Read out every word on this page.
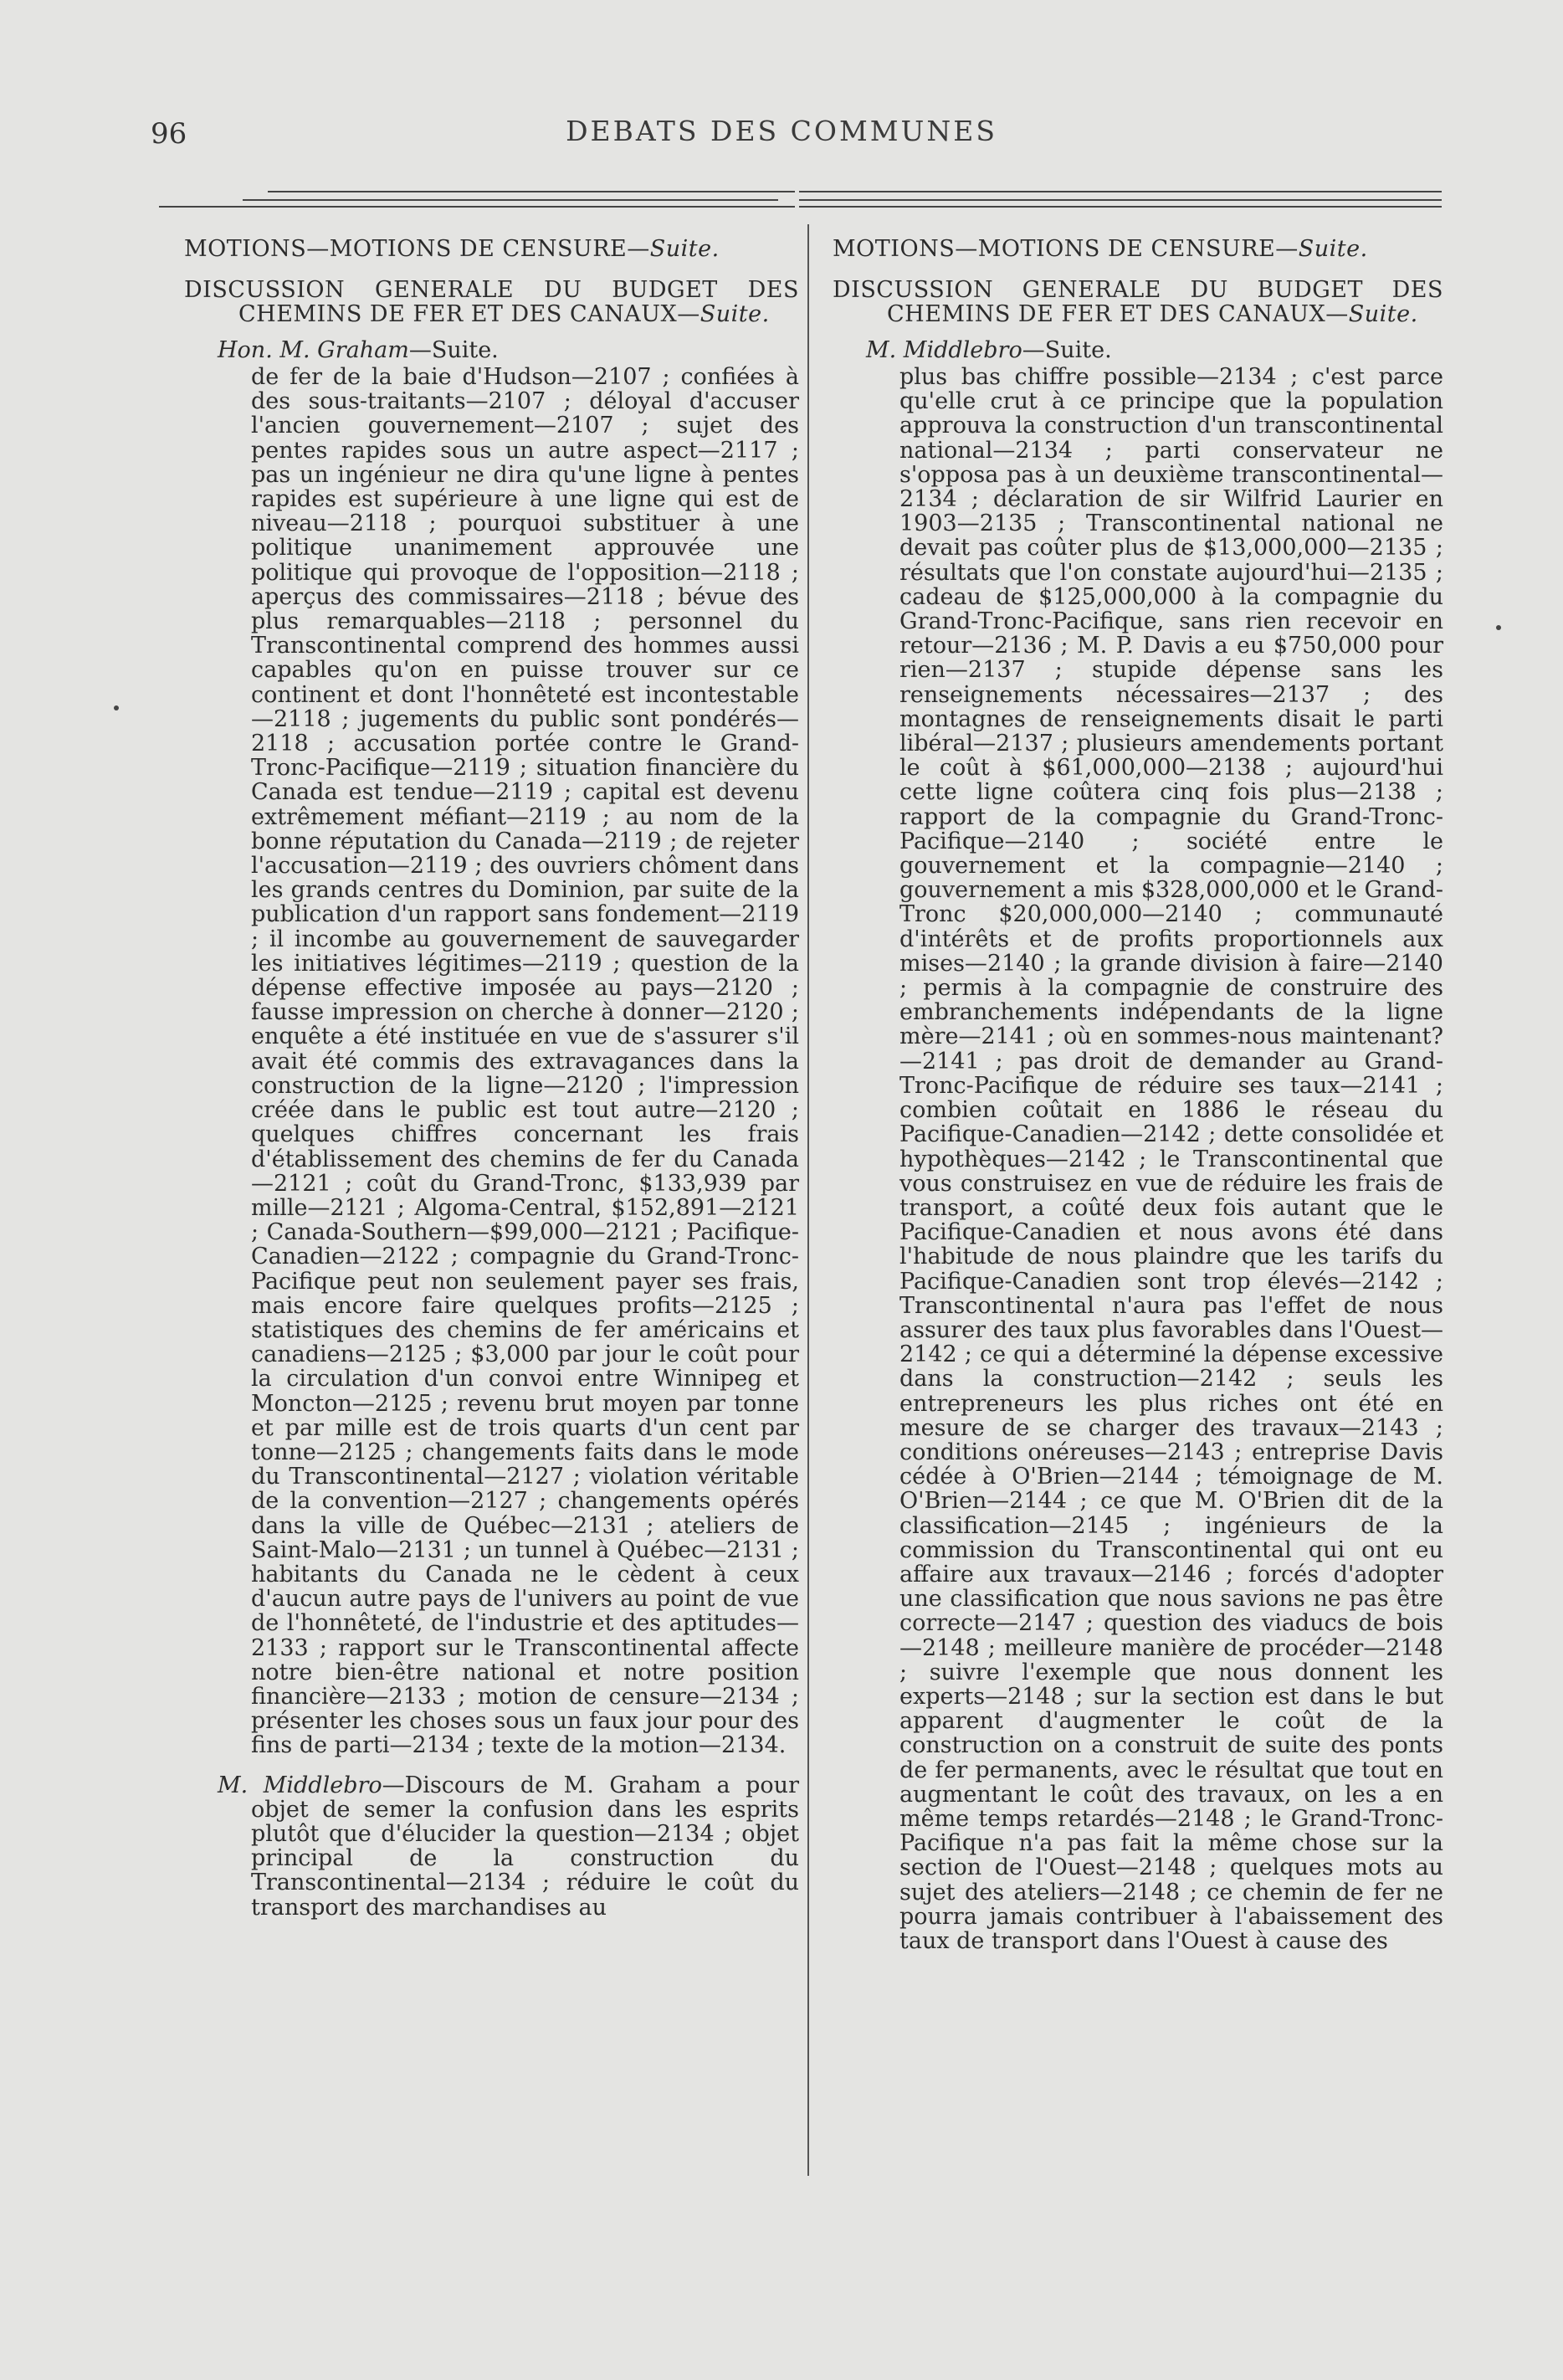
96	DEBATS DES COMMUNES
MOTIONS—MOTIONS DE CENSURE—Suite.
DISCUSSION GENERALE DU BUDGET DES CHEMINS DE FER ET DES CANAUX—Suite.
Hon. M. Graham—Suite.
de fer de la baie d'Hudson—2107 ; confiées à des sous-traitants—2107 ; déloyal d'accuser l'ancien gouvernement—2107 ; sujet des pentes rapides sous un autre aspect—2117 ; pas un ingénieur ne dira qu'une ligne à pentes rapides est supérieure à une ligne qui est de niveau—2118 ; pourquoi substituer à une politique unanimement approuvée une politique qui provoque de l'opposition—2118 ; aperçus des commissaires—2118 ; bévue des plus remarquables—2118 ; personnel du Transcontinental comprend des hommes aussi capables qu'on en puisse trouver sur ce continent et dont l'honnêteté est incontestable —2118 ; jugements du public sont pondérés—2118 ; accusation portée contre le Grand-Tronc-Pacifique—2119 ; situation financière du Canada est tendue—2119 ; capital est devenu extrêmement méfiant—2119 ; au nom de la bonne réputation du Canada—2119 ; de rejeter l'accusation—2119 ; des ouvriers chôment dans les grands centres du Dominion, par suite de la publication d'un rapport sans fondement—2119 ; il incombe au gouvernement de sauvegarder les initiatives légitimes—2119 ; question de la dépense effective imposée au pays—2120 ; fausse impression on cherche à donner—2120 ; enquête a été instituée en vue de s'assurer s'il avait été commis des extravagances dans la construction de la ligne—2120 ; l'impression créée dans le public est tout autre—2120 ; quelques chiffres concernant les frais d'établissement des chemins de fer du Canada—2121 ; coût du Grand-Tronc, $133,939 par mille—2121 ; Algoma-Central, $152,891—2121 ; Canada-Southern—$99,000—2121 ; Pacifique-Canadien—2122 ; compagnie du Grand-Tronc-Pacifique peut non seulement payer ses frais, mais encore faire quelques profits—2125 ; statistiques des chemins de fer américains et canadiens—2125 ; $3,000 par jour le coût pour la circulation d'un convoi entre Winnipeg et Moncton—2125 ; revenu brut moyen par tonne et par mille est de trois quarts d'un cent par tonne—2125 ; changements faits dans le mode du Transcontinental—2127 ; violation véritable de la convention—2127 ; changements opérés dans la ville de Québec—2131 ; ateliers de Saint-Malo—2131 ; un tunnel à Québec—2131 ; habitants du Canada ne le cèdent à ceux d'aucun autre pays de l'univers au point de vue de l'honnêteté, de l'industrie et des aptitudes—2133 ; rapport sur le Transcontinental affecte notre bien-être national et notre position financière—2133 ; motion de censure—2134 ; présenter les choses sous un faux jour pour des fins de parti—2134 ; texte de la motion—2134.
M. Middlebro—Discours de M. Graham a pour objet de semer la confusion dans les esprits plutôt que d'élucider la question—2134 ; objet principal de la construction du Transcontinental—2134 ; réduire le coût du transport des marchandises au
MOTIONS—MOTIONS DE CENSURE—Suite.
DISCUSSION GENERALE DU BUDGET DES CHEMINS DE FER ET DES CANAUX—Suite.
M. Middlebro—Suite.
plus bas chiffre possible—2134 ; c'est parce qu'elle crut à ce principe que la population approuva la construction d'un transcontinental national—2134 ; parti conservateur ne s'opposa pas à un deuxième transcontinental—2134 ; déclaration de sir Wilfrid Laurier en 1903—2135 ; Transcontinental national ne devait pas coûter plus de $13,000,000—2135 ; résultats que l'on constate aujourd'hui—2135 ; cadeau de $125,000,000 à la compagnie du Grand-Tronc-Pacifique, sans rien recevoir en retour—2136 ; M. P. Davis a eu $750,000 pour rien—2137 ; stupide dépense sans les renseignements nécessaires—2137 ; des montagnes de renseignements disait le parti libéral—2137 ; plusieurs amendements portant le coût à $61,000,000—2138 ; aujourd'hui cette ligne coûtera cinq fois plus—2138 ; rapport de la compagnie du Grand-Tronc-Pacifique—2140 ; société entre le gouvernement et la compagnie—2140 ; gouvernement a mis $328,000,000 et le Grand-Tronc $20,000,000—2140 ; communauté d'intérêts et de profits proportionnels aux mises—2140 ; la grande division à faire—2140 ; permis à la compagnie de construire des embranchements indépendants de la ligne mère—2141 ; où en sommes-nous maintenant?—2141 ; pas droit de demander au Grand-Tronc-Pacifique de réduire ses taux—2141 ; combien coûtait en 1886 le réseau du Pacifique-Canadien—2142 ; dette consolidée et hypothèques—2142 ; le Transcontinental que vous construisez en vue de réduire les frais de transport, a coûté deux fois autant que le Pacifique-Canadien et nous avons été dans l'habitude de nous plaindre que les tarifs du Pacifique-Canadien sont trop élevés—2142 ; Transcontinental n'aura pas l'effet de nous assurer des taux plus favorables dans l'Ouest—2142 ; ce qui a déterminé la dépense excessive dans la construction—2142 ; seuls les entrepreneurs les plus riches ont été en mesure de se charger des travaux—2143 ; conditions onéreuses—2143 ; entreprise Davis cédée à O'Brien—2144 ; témoignage de M. O'Brien—2144 ; ce que M. O'Brien dit de la classification—2145 ; ingénieurs de la commission du Transcontinental qui ont eu affaire aux travaux—2146 ; forcés d'adopter une classification que nous savions ne pas être correcte—2147 ; question des viaducs de bois—2148 ; meilleure manière de procéder—2148 ; suivre l'exemple que nous donnent les experts—2148 ; sur la section est dans le but apparent d'augmenter le coût de la construction on a construit de suite des ponts de fer permanents, avec le résultat que tout en augmentant le coût des travaux, on les a en même temps retardés—2148 ; le Grand-Tronc-Pacifique n'a pas fait la même chose sur la section de l'Ouest—2148 ; quelques mots au sujet des ateliers—2148 ; ce chemin de fer ne pourra jamais contribuer à l'abaissement des taux de transport dans l'Ouest à cause des
